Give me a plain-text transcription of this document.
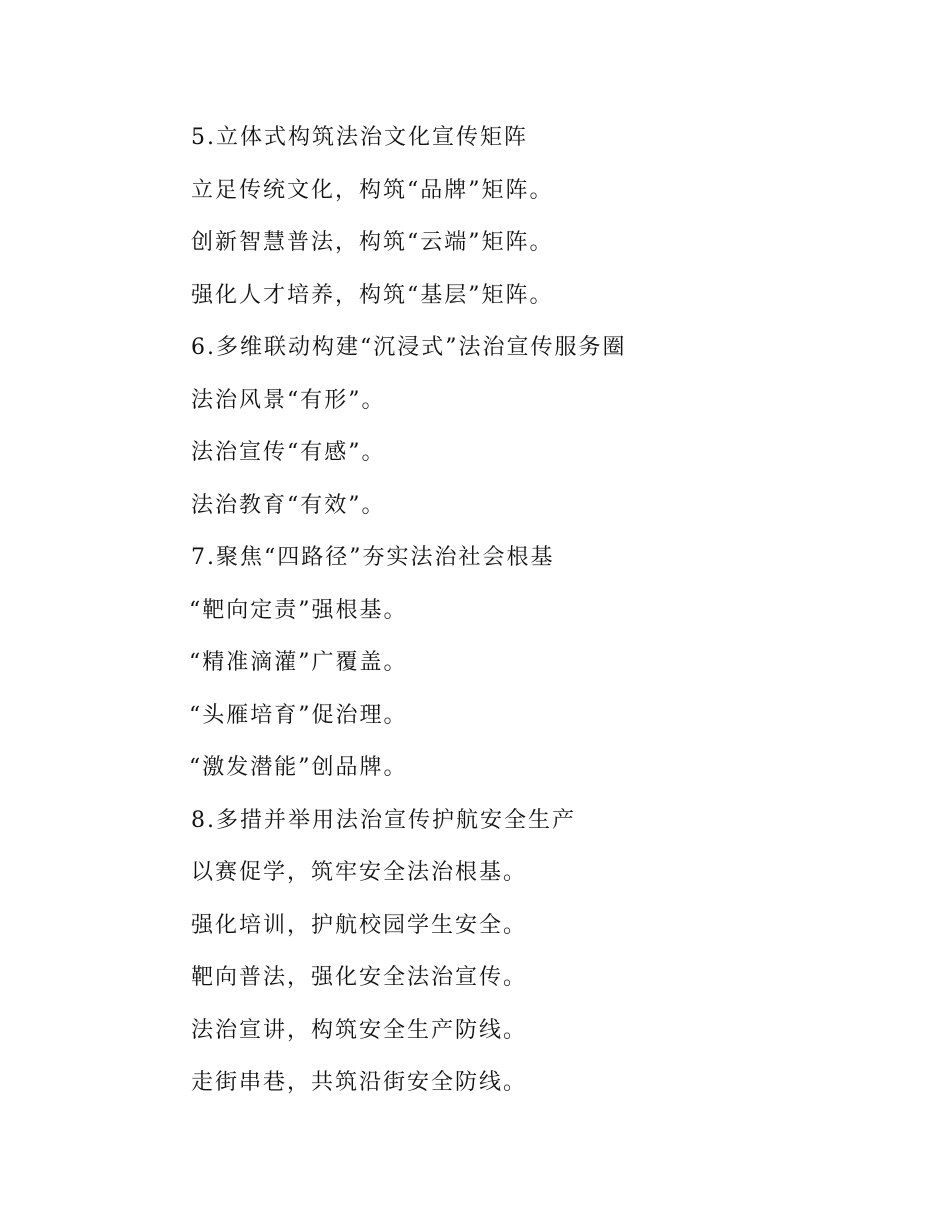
5.立体式构筑法治文化宣传矩阵
立足传统文化，构筑“品牌”矩阵。
创新智慧普法，构筑“云端”矩阵。
强化人才培养，构筑“基层”矩阵。
6.多维联动构建“沉浸式”法治宣传服务圈
法治风景“有形”。
法治宣传“有感”。
法治教育“有效”。
7.聚焦“四路径”夯实法治社会根基
“靶向定责”强根基。
“精准滴灌”广覆盖。
“头雁培育”促治理。
“激发潜能”创品牌。
8.多措并举用法治宣传护航安全生产
以赛促学，筑牢安全法治根基。
强化培训，护航校园学生安全。
靶向普法，强化安全法治宣传。
法治宣讲，构筑安全生产防线。
走街串巷，共筑沿街安全防线。
